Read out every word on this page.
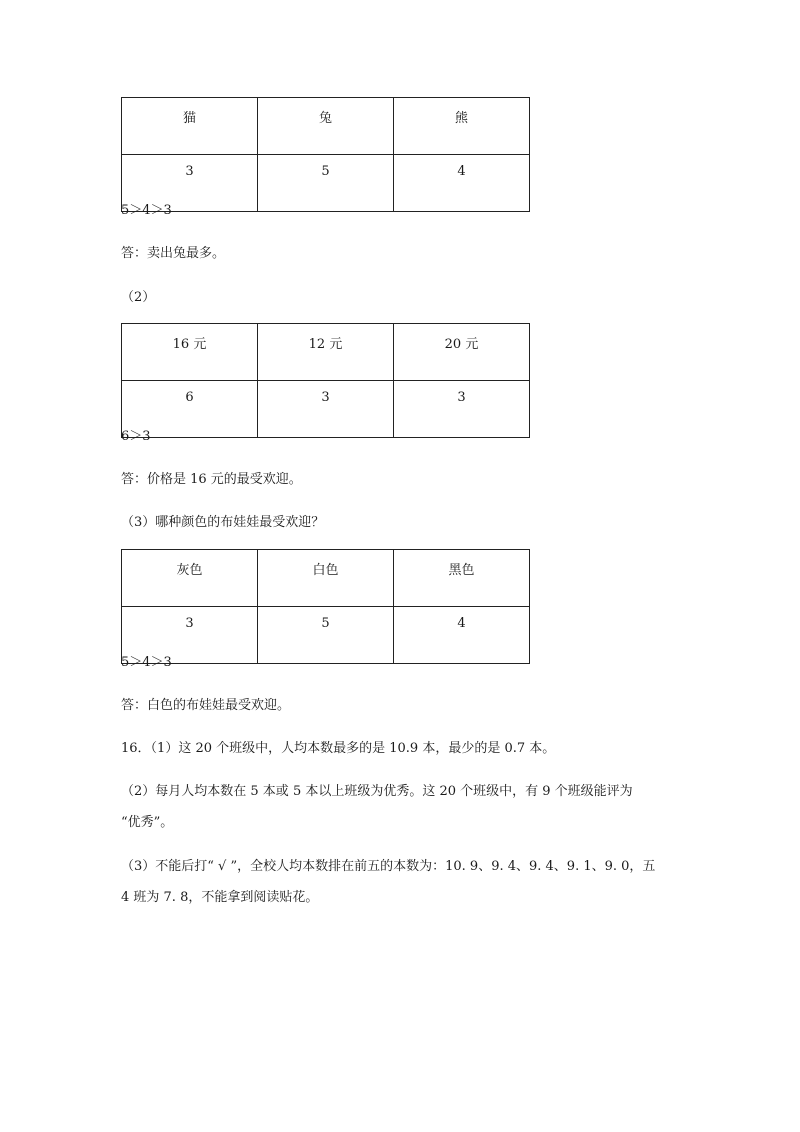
猫	兔	熊
3	5	4
5＞4＞3
答：卖出兔最多。
（2）
16 元	12 元	20 元
6	3	3
6＞3
答：价格是 16 元的最受欢迎。
（3）哪种颜色的布娃娃最受欢迎？
灰色	白色	黑色
3	5	4
5＞4＞3
答：白色的布娃娃最受欢迎。
16．（1）这 20 个班级中，人均本数最多的是 10.9 本，最少的是 0.7 本。
（2）每月人均本数在 5 本或 5 本以上班级为优秀。这 20 个班级中，有 9 个班级能评为
“优秀”。
（3）不能后打“ √ ”，全校人均本数排在前五的本数为：10. 9、9. 4、9. 4、9. 1、9. 0，五
4 班为 7. 8，不能拿到阅读贴花。
